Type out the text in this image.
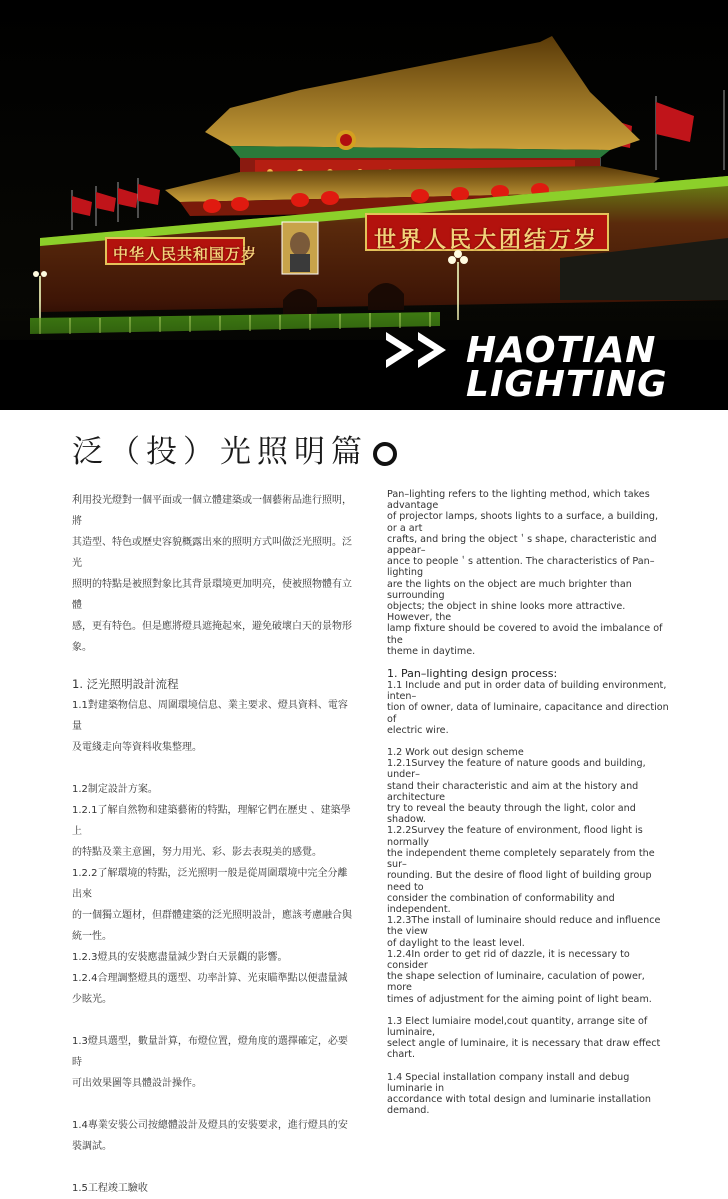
中华人民共和国万岁
世界人民大团结万岁
HAOTIAN
LIGHTING
泛（投）光照明篇

利用投光燈對一個平面或一個立體建築或一個藝術品進行照明，將

其造型、特色或歷史容貌概露出來的照明方式叫做泛光照明。泛光

照明的特點是被照對象比其背景環境更加明亮，使被照物體有立體

感，更有特色。但是應將燈具遮掩起來，避免破壞白天的景物形象。

1. 泛光照明設計流程

1.1對建築物信息、周圍環境信息、業主要求、燈具資料、電容量

及電綫走向等資料收集整理。

1.2制定設計方案。

1.2.1了解自然物和建築藝術的特點，理解它們在歷史 、建築學上

的特點及業主意圖，努力用光、彩、影去表現美的感覺。

1.2.2了解環境的特點，泛光照明一般是從周圍環境中完全分離出來

的一個獨立題材，但群體建築的泛光照明設計，應該考慮融合與統一性。

1.2.3燈具的安裝應盡量減少對白天景觀的影響。

1.2.4合理調整燈具的選型、功率計算、光束瞄準點以便盡量減少眩光。

1.3燈具選型，數量計算，布燈位置，燈角度的選擇確定，必要時

可出效果圖等具體設計操作。

1.4專業安裝公司按總體設計及燈具的安裝要求，進行燈具的安裝調試。

1.5工程竣工驗收

Pan–lighting refers to the lighting method, which takes advantage

of projector lamps, shoots lights to a surface, a building, or a art

crafts, and bring the object＇s shape, characteristic and appear–

ance to people＇s attention. The characteristics of Pan–lighting

are the lights on the object are much brighter than surrounding

objects; the object in shine looks more attractive. However, the

lamp fixture should be covered to avoid the imbalance of the

theme in daytime.

1. Pan–lighting design process:

1.1 Include and put in order data of building environment, inten–

tion of owner, data of luminaire, capacitance and direction of

electric wire.

1.2 Work out design scheme

1.2.1Survey the feature of nature goods and building, under–

stand their characteristic and aim at the history and architecture

try to reveal the beauty through the light, color and shadow.

1.2.2Survey the feature of environment, flood light is normally

the independent theme completely separately from the sur–

rounding. But the desire of flood light of building group need to

consider the combination of conformability and independent.

1.2.3The install of luminaire should reduce and influence the view

of daylight to the least level.

1.2.4In order to get rid of dazzle, it is necessary to consider

the shape selection of luminaire, caculation of power, more

times of adjustment for the aiming point of light beam.

1.3 Elect lumiaire model,cout quantity, arrange site of luminaire,

select angle of luminaire, it is necessary that draw effect chart.

1.4 Special installation company install and debug luminarie in

accordance with total design and luminarie installation demand.
